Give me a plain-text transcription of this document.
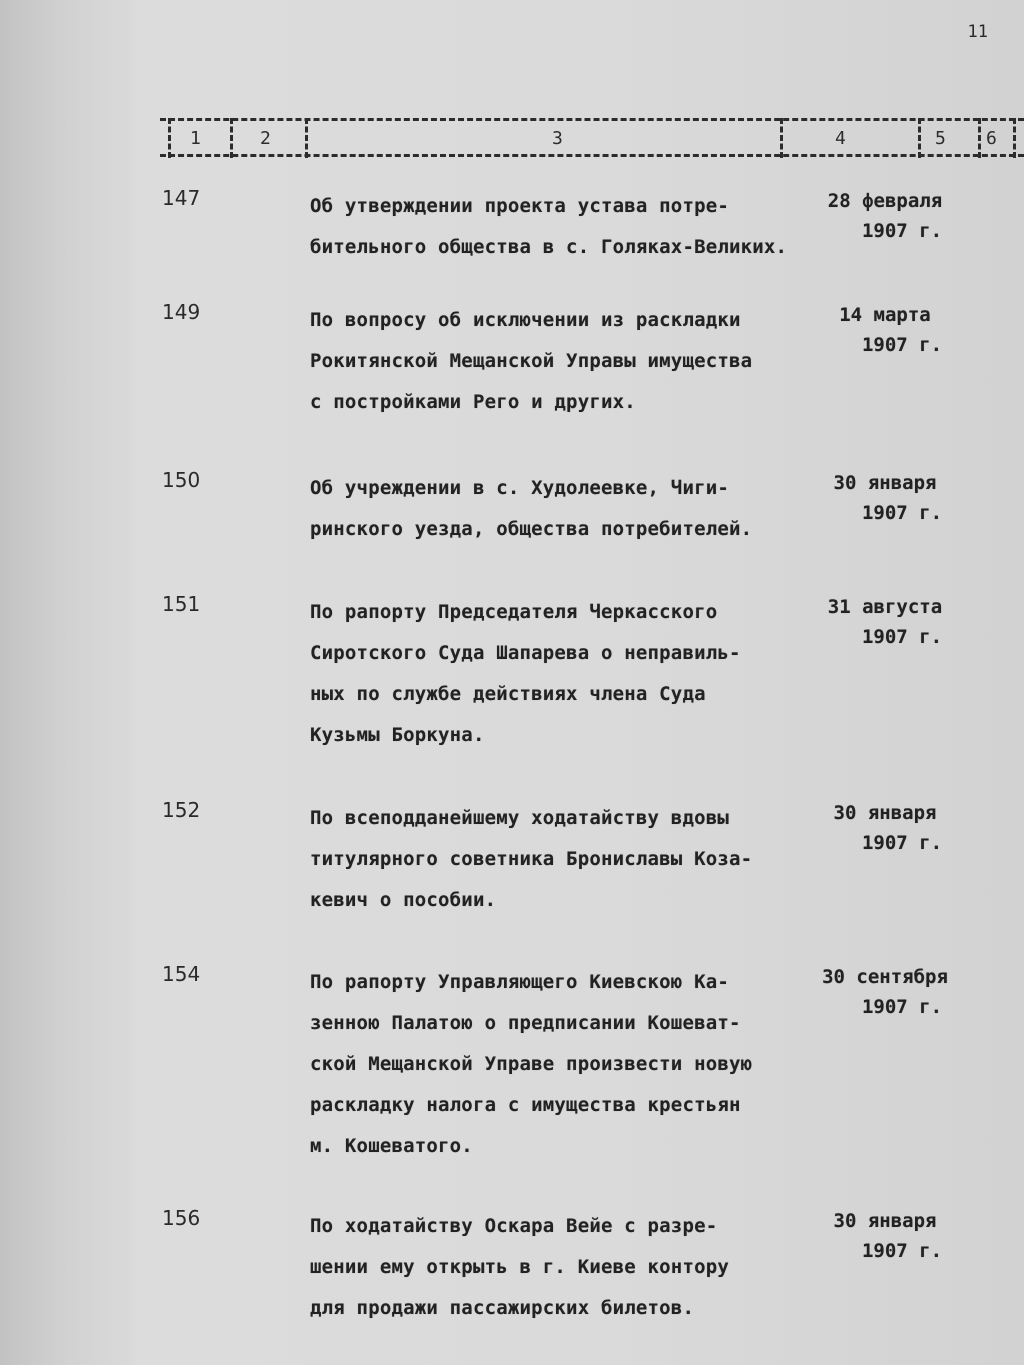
11
1	2	3	4	5 6
147	Об утверждении проекта устава потре-
бительного общества в с. Голяках-Великих.
28 февраля
1907 г.
149	По вопросу об исключении из раскладки
Рокитянской Мещанской Управы имущества
с постройками Рего и других.
14 марта
1907 г.
150	Об учреждении в с. Худолеевке, Чиги-
ринского уезда, общества потребителей.
30 января
1907 г.
151	По рапорту Председателя Черкасского
Сиротского Суда Шапарева о неправиль-
ных по службе действиях члена Суда
Кузьмы Боркуна.
31 августа
1907 г.
152	По всеподданейшему ходатайству вдовы
титулярного советника Брониславы Коза-
кевич о пособии.
30 января
1907 г.
154	По рапорту Управляющего Киевскою Ка-
зенною Палатою о предписании Кошеват-
ской Мещанской Управе произвести новую
раскладку налога с имущества крестьян
м. Кошеватого.
30 сентября
1907 г.
156	По ходатайству Оскара Вейе с разре-
шении ему открыть в г. Киеве контору
для продажи пассажирских билетов.
30 января
1907 г.
